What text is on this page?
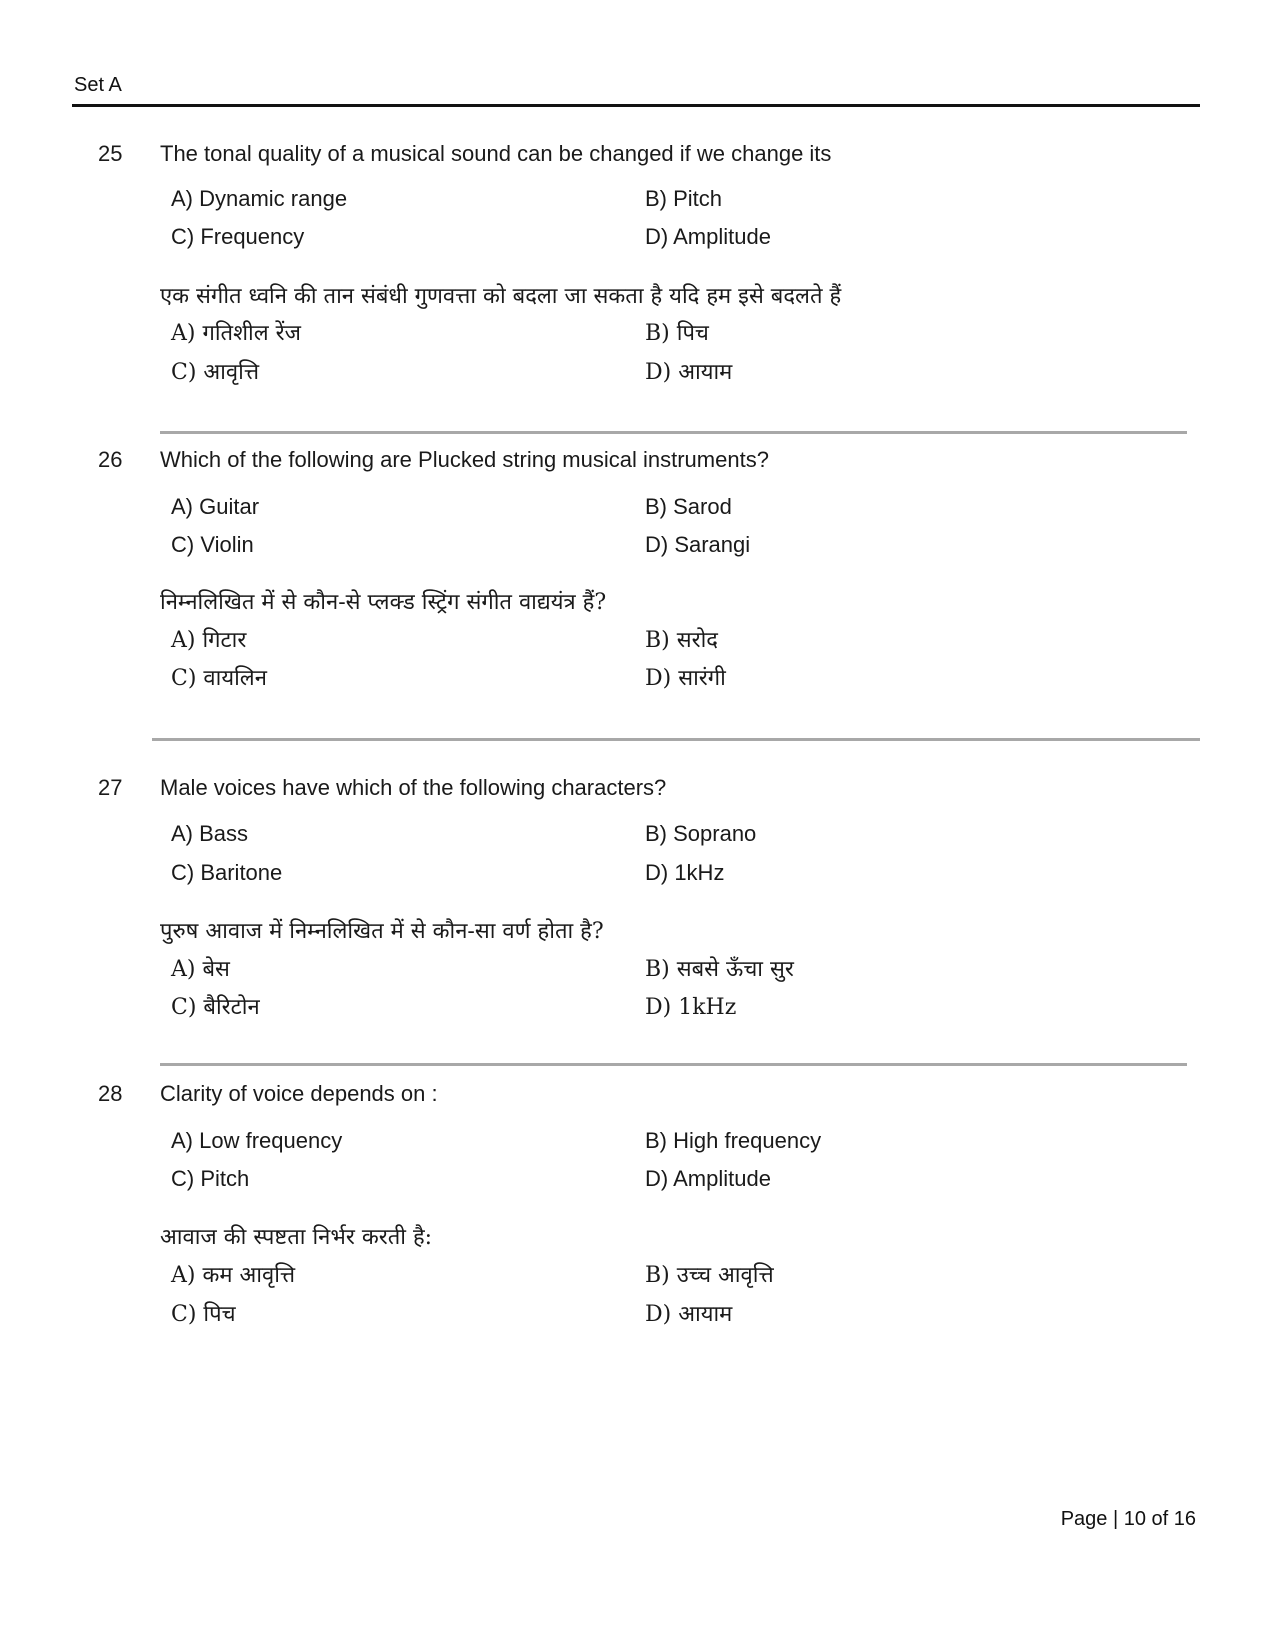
Set A
25 The tonal quality of a musical sound can be changed if we change its
A) Dynamic range	B) Pitch
C) Frequency	D) Amplitude
एक संगीत ध्वनि की तान संबंधी गुणवत्ता को बदला जा सकता है यदि हम इसे बदलते हैं
A) गतिशील रेंज	B) पिच
C) आवृत्ति	D) आयाम
26 Which of the following are Plucked string musical instruments?
A) Guitar	B) Sarod
C) Violin	D) Sarangi
निम्नलिखित में से कौन-से प्लक्ड स्ट्रिंग संगीत वाद्ययंत्र हैं?
A) गिटार	B) सरोद
C) वायलिन	D) सारंगी
27 Male voices have which of the following characters?
A) Bass	B) Soprano
C) Baritone	D) 1kHz
पुरुष आवाज में निम्नलिखित में से कौन-सा वर्ण होता है?
A) बेस	B) सबसे ऊँचा सुर
C) बैरिटोन	D) 1kHz
28 Clarity of voice depends on :
A) Low frequency	B) High frequency
C) Pitch	D) Amplitude
आवाज की स्पष्टता निर्भर करती है:
A) कम आवृत्ति	B) उच्च आवृत्ति
C) पिच	D) आयाम
Page | 10 of 16
